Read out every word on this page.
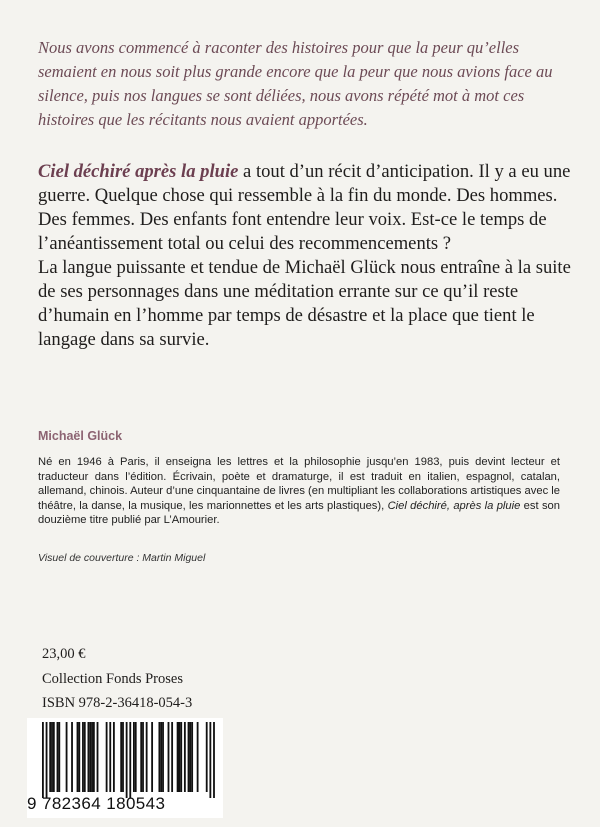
Nous avons commencé à raconter des histoires pour que la peur qu’elles semaient en nous soit plus grande encore que la peur que nous avions face au silence, puis nos langues se sont déliées, nous avons répété mot à mot ces histoires que les récitants nous avaient apportées.

Ciel déchiré après la pluie a tout d’un récit d’anticipation. Il y a eu une guerre. Quelque chose qui ressemble à la fin du monde. Des hommes. Des femmes. Des enfants font entendre leur voix. Est-ce le temps de l’anéantissement total ou celui des recommencements ?

La langue puissante et tendue de Michaël Glück nous entraîne à la suite de ses personnages dans une méditation errante sur ce qu’il reste d’humain en l’homme par temps de désastre et la place que tient le langage dans sa survie.

Michaël Glück

Né en 1946 à Paris, il enseigna les lettres et la philosophie jusqu’en 1983, puis devint lecteur et traducteur dans l’édition. Écrivain, poète et dramaturge, il est traduit en italien, espagnol, catalan, allemand, chinois. Auteur d’une cinquantaine de livres (en multipliant les collaborations artistiques avec le théâtre, la danse, la musique, les marionnettes et les arts plastiques), Ciel déchiré, après la pluie est son douzième titre publié par L’Amourier.

Visuel de couverture : Martin Miguel
23,00 €
Collection Fonds Proses
ISBN 978-2-36418-054-3
9 782364 180543
